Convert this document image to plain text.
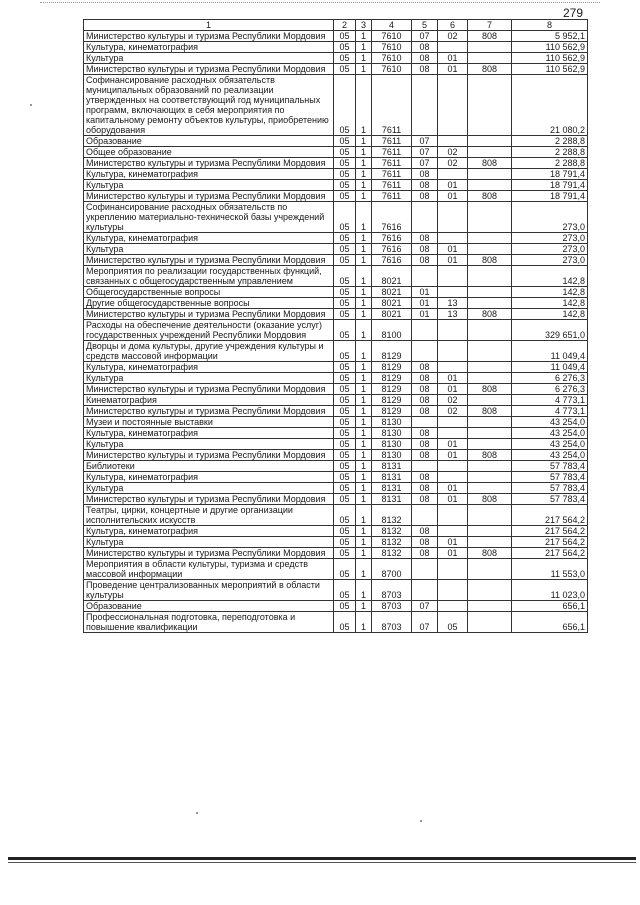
279
1	2	3	4	5	6	7	8
Министерство культуры и туризма Республики Мордовия	05	1	7610	07	02	808	5 952,1
Культура, кинематография	05	1	7610	08			110 562,9
Культура	05	1	7610	08	01		110 562,9
Министерство культуры и туризма Республики Мордовия	05	1	7610	08	01	808	110 562,9
Софинансирование расходных обязательств муниципальных образований по реализации утвержденных на соответствующий год муниципальных программ, включающих в себя мероприятия по капитальному ремонту объектов культуры, приобретению оборудования	05	1	7611				21 080,2
Образование	05	1	7611	07			2 288,8
Общее образование	05	1	7611	07	02		2 288,8
Министерство культуры и туризма Республики Мордовия	05	1	7611	07	02	808	2 288,8
Культура, кинематография	05	1	7611	08			18 791,4
Культура	05	1	7611	08	01		18 791,4
Министерство культуры и туризма Республики Мордовия	05	1	7611	08	01	808	18 791,4
Софинансирование расходных обязательств по укреплению материально-технической базы учреждений культуры	05	1	7616				273,0
Культура, кинематография	05	1	7616	08			273,0
Культура	05	1	7616	08	01		273,0
Министерство культуры и туризма Республики Мордовия	05	1	7616	08	01	808	273,0
Мероприятия по реализации государственных функций, связанных с общегосударственным управлением	05	1	8021				142,8
Общегосударственные вопросы	05	1	8021	01			142,8
Другие общегосударственные вопросы	05	1	8021	01	13		142,8
Министерство культуры и туризма Республики Мордовия	05	1	8021	01	13	808	142,8
Расходы на обеспечение деятельности (оказание услуг) государственных учреждений Республики Мордовия	05	1	8100				329 651,0
Дворцы и дома культуры, другие учреждения культуры и средств массовой информации	05	1	8129				11 049,4
Культура, кинематография	05	1	8129	08			11 049,4
Культура	05	1	8129	08	01		6 276,3
Министерство культуры и туризма Республики Мордовия	05	1	8129	08	01	808	6 276,3
Кинематография	05	1	8129	08	02		4 773,1
Министерство культуры и туризма Республики Мордовия	05	1	8129	08	02	808	4 773,1
Музеи и постоянные выставки	05	1	8130				43 254,0
Культура, кинематография	05	1	8130	08			43 254,0
Культура	05	1	8130	08	01		43 254,0
Министерство культуры и туризма Республики Мордовия	05	1	8130	08	01	808	43 254,0
Библиотеки	05	1	8131				57 783,4
Культура, кинематография	05	1	8131	08			57 783,4
Культура	05	1	8131	08	01		57 783,4
Министерство культуры и туризма Республики Мордовия	05	1	8131	08	01	808	57 783,4
Театры, цирки, концертные и другие организации исполнительских искусств	05	1	8132				217 564,2
Культура, кинематография	05	1	8132	08			217 564,2
Культура	05	1	8132	08	01		217 564,2
Министерство культуры и туризма Республики Мордовия	05	1	8132	08	01	808	217 564,2
Мероприятия в области культуры, туризма и средств массовой информации	05	1	8700				11 553,0
Проведение централизованных мероприятий в области культуры	05	1	8703				11 023,0
Образование	05	1	8703	07			656,1
Профессиональная подготовка, переподготовка и повышение квалификации	05	1	8703	07	05		656,1
